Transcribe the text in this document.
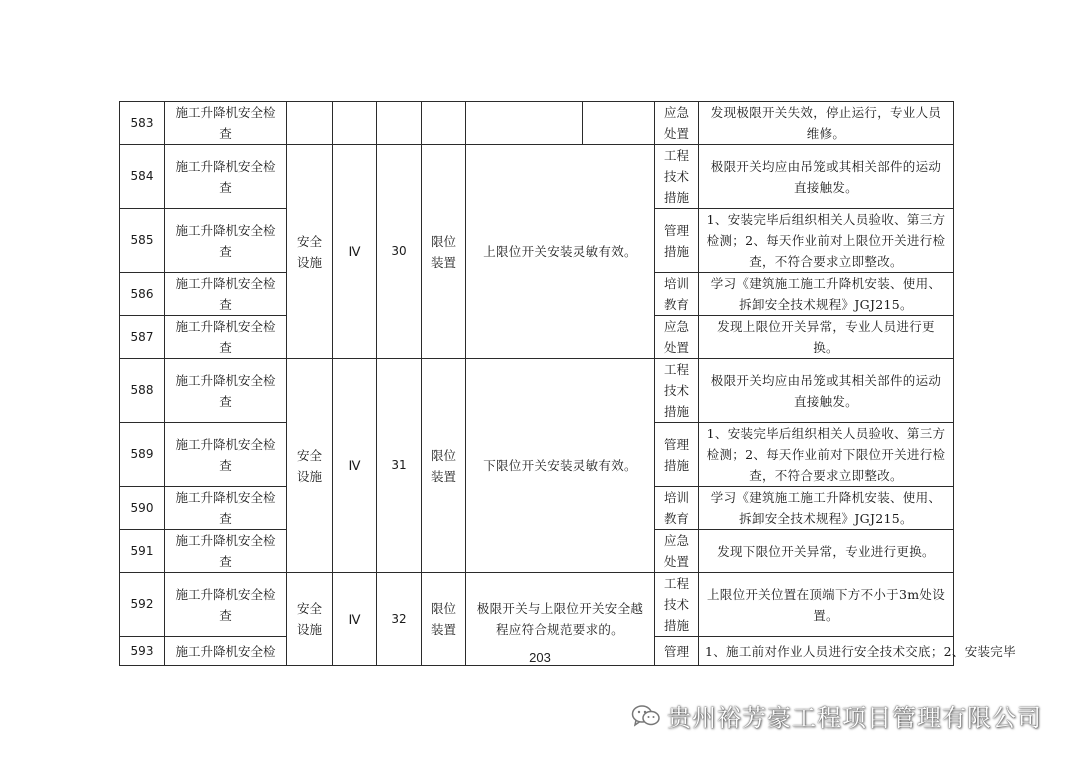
583	施工升降机安全检查							应急
处置	发现极限开关失效，停止运行，专业人员维修。
584	施工升降机安全检查	安全
设施	Ⅳ	30	限位
装置	上限位开关安装灵敏有效。		工程
技术
措施	极限开关均应由吊笼或其相关部件的运动直接触发。
585	施工升降机安全检查							管理
措施	1、安装完毕后组织相关人员验收、第三方检测；2、每天作业前对上限位开关进行检查，不符合要求立即整改。
586	施工升降机安全检查							培训
教育	学习《建筑施工施工升降机安装、使用、拆卸安全技术规程》JGJ215。
587	施工升降机安全检查							应急
处置	发现上限位开关异常，专业人员进行更换。
588	施工升降机安全检查	安全
设施	Ⅳ	31	限位
装置	下限位开关安装灵敏有效。		工程
技术
措施	极限开关均应由吊笼或其相关部件的运动直接触发。
589	施工升降机安全检查							管理
措施	1、安装完毕后组织相关人员验收、第三方检测；2、每天作业前对下限位开关进行检查，不符合要求立即整改。
590	施工升降机安全检查							培训
教育	学习《建筑施工施工升降机安装、使用、拆卸安全技术规程》JGJ215。
591	施工升降机安全检查							应急
处置	发现下限位开关异常，专业进行更换。
592	施工升降机安全检查	安全
设施	Ⅳ	32	限位
装置	极限开关与上限位开关安全越程应符合规范要求的。		工程
技术
措施	上限位开关位置在顶端下方不小于3m处设置。
593	施工升降机安全检							管理	1、施工前对作业人员进行安全技术交底；2、安装完毕
203
贵州裕芳豪工程项目管理有限公司
